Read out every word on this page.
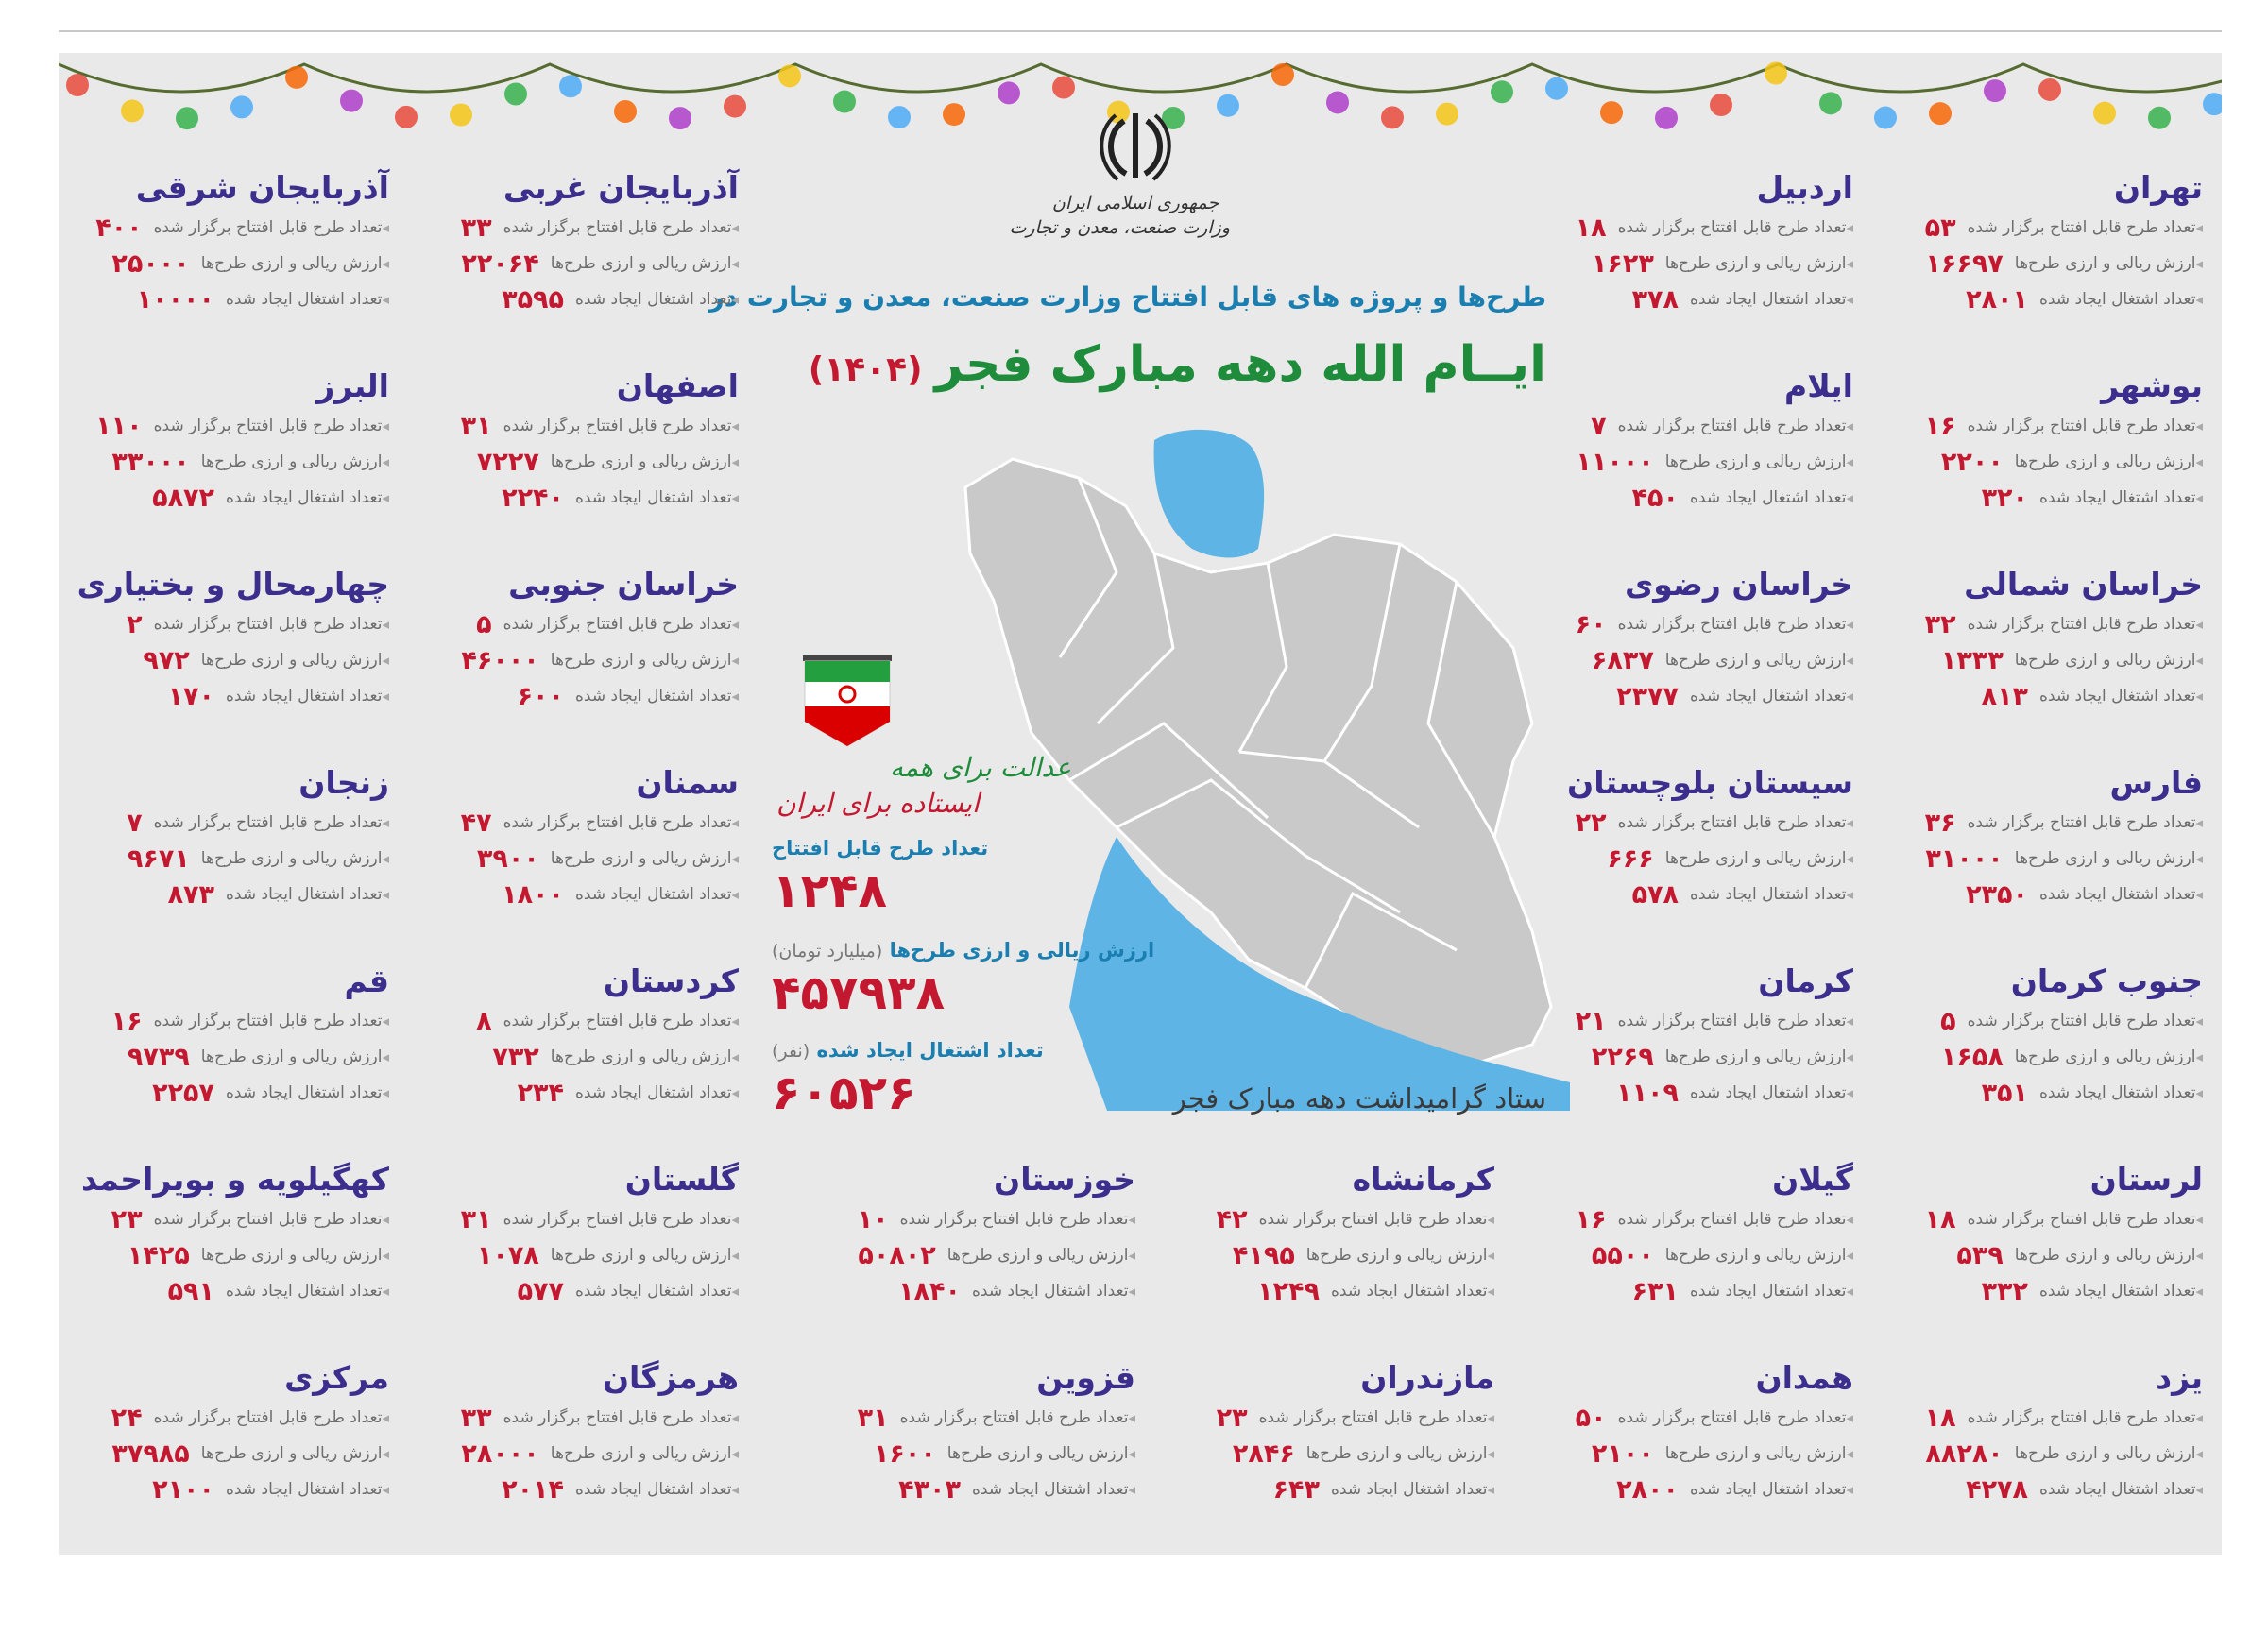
جمهوری اسلامی ایران
وزارت صنعت، معدن و تجارت
طرح‌ها و پروژه های قابل افتتاح وزارت صنعت، معدن و تجارت در
ایــام الله دهه مبارک فجر (۱۴۰۴)
عدالت برای همه
ایستاده برای ایران
تعداد طرح قابل افتتاح
۱۲۴۸
ارزش ریالی و ارزی طرح‌ها (میلیارد تومان)
۴۵۷۹۳۸
تعداد اشتغال ایجاد شده (نفر)
۶۰۵۲۶	ستاد گرامیداشت دهه مبارک فجر
تهران
◂ تعداد طرح قابل افتتاح برگزار شده
۵۳
◂ ارزش ریالی و ارزی طرح‌ها
۱۶۶۹۷
◂ تعداد اشتغال ایجاد شده
۲۸۰۱
اردبیل
◂ تعداد طرح قابل افتتاح برگزار شده
۱۸
◂ ارزش ریالی و ارزی طرح‌ها
۱۶۲۳
◂ تعداد اشتغال ایجاد شده
۳۷۸
آذربایجان غربی
◂ تعداد طرح قابل افتتاح برگزار شده
۳۳
◂ ارزش ریالی و ارزی طرح‌ها
۲۲۰۶۴
◂ تعداد اشتغال ایجاد شده
۳۵۹۵
آذربایجان شرقی
◂ تعداد طرح قابل افتتاح برگزار شده
۴۰۰
◂ ارزش ریالی و ارزی طرح‌ها
۲۵۰۰۰
◂ تعداد اشتغال ایجاد شده
۱۰۰۰۰
بوشهر
◂ تعداد طرح قابل افتتاح برگزار شده
۱۶
◂ ارزش ریالی و ارزی طرح‌ها
۲۲۰۰
◂ تعداد اشتغال ایجاد شده
۳۲۰
ایلام
◂ تعداد طرح قابل افتتاح برگزار شده
۷
◂ ارزش ریالی و ارزی طرح‌ها
۱۱۰۰۰
◂ تعداد اشتغال ایجاد شده
۴۵۰
اصفهان
◂ تعداد طرح قابل افتتاح برگزار شده
۳۱
◂ ارزش ریالی و ارزی طرح‌ها
۷۲۲۷
◂ تعداد اشتغال ایجاد شده
۲۲۴۰
البرز
◂ تعداد طرح قابل افتتاح برگزار شده
۱۱۰
◂ ارزش ریالی و ارزی طرح‌ها
۳۳۰۰۰
◂ تعداد اشتغال ایجاد شده
۵۸۷۲
خراسان شمالی
◂ تعداد طرح قابل افتتاح برگزار شده
۳۲
◂ ارزش ریالی و ارزی طرح‌ها
۱۳۳۳
◂ تعداد اشتغال ایجاد شده
۸۱۳
خراسان رضوی
◂ تعداد طرح قابل افتتاح برگزار شده
۶۰
◂ ارزش ریالی و ارزی طرح‌ها
۶۸۳۷
◂ تعداد اشتغال ایجاد شده
۲۳۷۷
خراسان جنوبی
◂ تعداد طرح قابل افتتاح برگزار شده
۵
◂ ارزش ریالی و ارزی طرح‌ها
۴۶۰۰۰
◂ تعداد اشتغال ایجاد شده
۶۰۰
چهارمحال و بختیاری
◂ تعداد طرح قابل افتتاح برگزار شده
۲
◂ ارزش ریالی و ارزی طرح‌ها
۹۷۲
◂ تعداد اشتغال ایجاد شده
۱۷۰
فارس
◂ تعداد طرح قابل افتتاح برگزار شده
۳۶
◂ ارزش ریالی و ارزی طرح‌ها
۳۱۰۰۰
◂ تعداد اشتغال ایجاد شده
۲۳۵۰
سیستان بلوچستان
◂ تعداد طرح قابل افتتاح برگزار شده
۲۲
◂ ارزش ریالی و ارزی طرح‌ها
۶۶۶
◂ تعداد اشتغال ایجاد شده
۵۷۸
سمنان
◂ تعداد طرح قابل افتتاح برگزار شده
۴۷
◂ ارزش ریالی و ارزی طرح‌ها
۳۹۰۰
◂ تعداد اشتغال ایجاد شده
۱۸۰۰
زنجان
◂ تعداد طرح قابل افتتاح برگزار شده
۷
◂ ارزش ریالی و ارزی طرح‌ها
۹۶۷۱
◂ تعداد اشتغال ایجاد شده
۸۷۳
جنوب کرمان
◂ تعداد طرح قابل افتتاح برگزار شده
۵
◂ ارزش ریالی و ارزی طرح‌ها
۱۶۵۸
◂ تعداد اشتغال ایجاد شده
۳۵۱
کرمان
◂ تعداد طرح قابل افتتاح برگزار شده
۲۱
◂ ارزش ریالی و ارزی طرح‌ها
۲۲۶۹
◂ تعداد اشتغال ایجاد شده
۱۱۰۹
کردستان
◂ تعداد طرح قابل افتتاح برگزار شده
۸
◂ ارزش ریالی و ارزی طرح‌ها
۷۳۲
◂ تعداد اشتغال ایجاد شده
۲۳۴
قم
◂ تعداد طرح قابل افتتاح برگزار شده
۱۶
◂ ارزش ریالی و ارزی طرح‌ها
۹۷۳۹
◂ تعداد اشتغال ایجاد شده
۲۲۵۷
لرستان
◂ تعداد طرح قابل افتتاح برگزار شده
۱۸
◂ ارزش ریالی و ارزی طرح‌ها
۵۳۹
◂ تعداد اشتغال ایجاد شده
۳۳۲
گیلان
◂ تعداد طرح قابل افتتاح برگزار شده
۱۶
◂ ارزش ریالی و ارزی طرح‌ها
۵۵۰۰
◂ تعداد اشتغال ایجاد شده
۶۳۱
کرمانشاه
◂ تعداد طرح قابل افتتاح برگزار شده
۴۲
◂ ارزش ریالی و ارزی طرح‌ها
۴۱۹۵
◂ تعداد اشتغال ایجاد شده
۱۲۴۹
خوزستان
◂ تعداد طرح قابل افتتاح برگزار شده
۱۰
◂ ارزش ریالی و ارزی طرح‌ها
۵۰۸۰۲
◂ تعداد اشتغال ایجاد شده
۱۸۴۰
گلستان
◂ تعداد طرح قابل افتتاح برگزار شده
۳۱
◂ ارزش ریالی و ارزی طرح‌ها
۱۰۷۸
◂ تعداد اشتغال ایجاد شده
۵۷۷
کهگیلویه و بویراحمد
◂ تعداد طرح قابل افتتاح برگزار شده
۲۳
◂ ارزش ریالی و ارزی طرح‌ها
۱۴۲۵
◂ تعداد اشتغال ایجاد شده
۵۹۱
یزد
◂ تعداد طرح قابل افتتاح برگزار شده
۱۸
◂ ارزش ریالی و ارزی طرح‌ها
۸۸۲۸۰
◂ تعداد اشتغال ایجاد شده
۴۲۷۸
همدان
◂ تعداد طرح قابل افتتاح برگزار شده
۵۰
◂ ارزش ریالی و ارزی طرح‌ها
۲۱۰۰
◂ تعداد اشتغال ایجاد شده
۲۸۰۰
مازندران
◂ تعداد طرح قابل افتتاح برگزار شده
۲۳
◂ ارزش ریالی و ارزی طرح‌ها
۲۸۴۶
◂ تعداد اشتغال ایجاد شده
۶۴۳
قزوین
◂ تعداد طرح قابل افتتاح برگزار شده
۳۱
◂ ارزش ریالی و ارزی طرح‌ها
۱۶۰۰
◂ تعداد اشتغال ایجاد شده
۴۳۰۳
هرمزگان
◂ تعداد طرح قابل افتتاح برگزار شده
۳۳
◂ ارزش ریالی و ارزی طرح‌ها
۲۸۰۰۰
◂ تعداد اشتغال ایجاد شده
۲۰۱۴
مرکزی
◂ تعداد طرح قابل افتتاح برگزار شده
۲۴
◂ ارزش ریالی و ارزی طرح‌ها
۳۷۹۸۵
◂ تعداد اشتغال ایجاد شده
۲۱۰۰
